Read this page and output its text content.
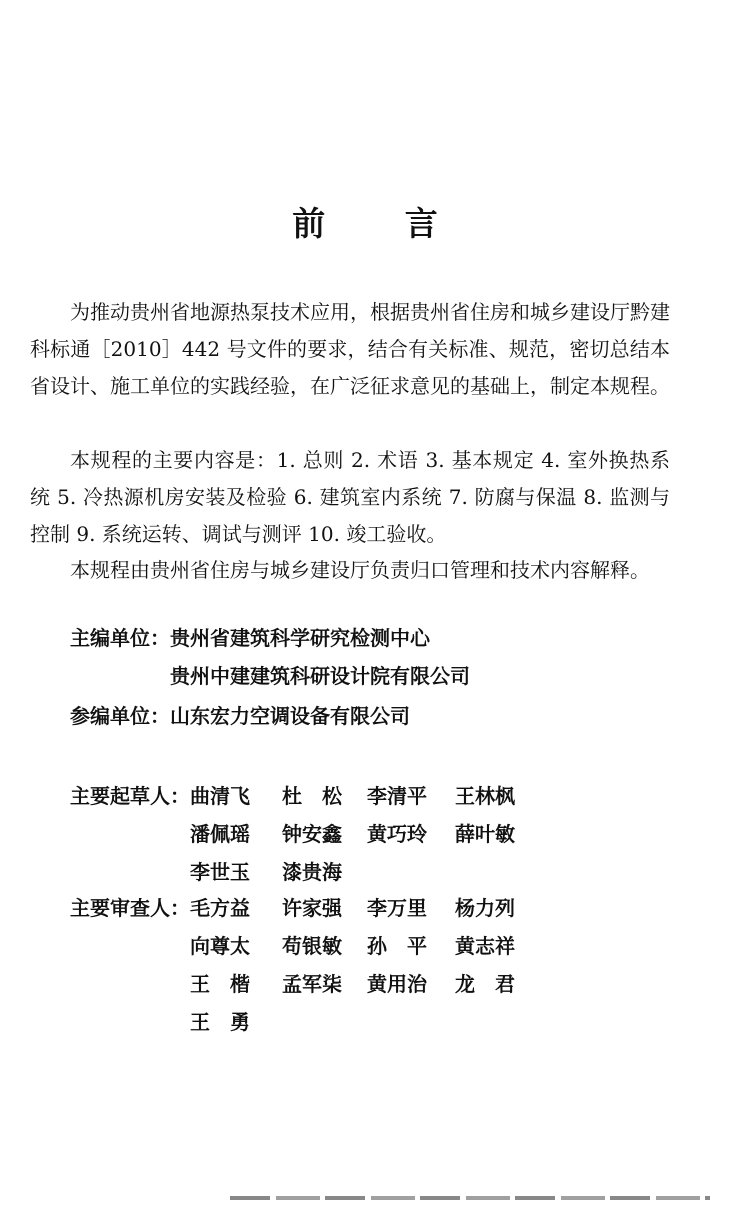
前 言
为推动贵州省地源热泵技术应用，根据贵州省住房和城乡建设厅黔建科标通［2010］442 号文件的要求，结合有关标准、规范，密切总结本省设计、施工单位的实践经验，在广泛征求意见的基础上，制定本规程。
本规程的主要内容是：1. 总则 2. 术语 3. 基本规定 4. 室外换热系统 5. 冷热源机房安装及检验 6. 建筑室内系统 7. 防腐与保温 8. 监测与控制 9. 系统运转、调试与测评 10. 竣工验收。
本规程由贵州省住房与城乡建设厅负责归口管理和技术内容解释。
主编单位：贵州省建筑科学研究检测中心
贵州中建建筑科研设计院有限公司
参编单位：山东宏力空调设备有限公司
主要起草人： 曲清飞 杜　松 李清平 王林枫
潘佩瑶 钟安鑫 黄巧玲 薛叶敏
李世玉 漆贵海
主要审查人： 毛方益 许家强 李万里 杨力列
向尊太 苟银敏 孙　平 黄志祥
王　楷 孟军柒 黄用治 龙　君
王　勇
